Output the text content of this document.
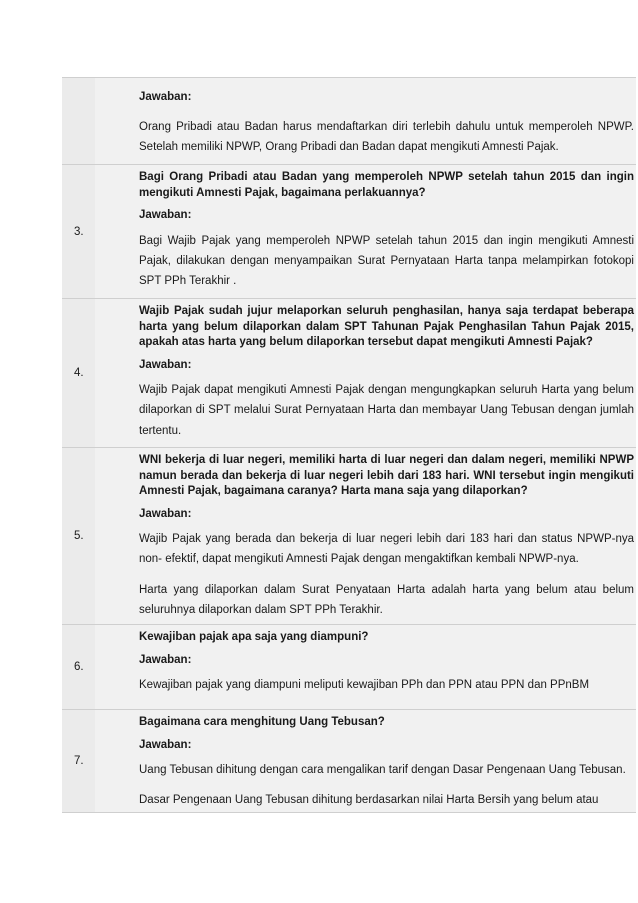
Jawaban:

Orang Pribadi atau Badan harus mendaftarkan diri terlebih dahulu untuk memperoleh NPWP. Setelah memiliki NPWP, Orang Pribadi dan Badan dapat mengikuti Amnesti Pajak.

3.

Bagi Orang Pribadi atau Badan yang memperoleh NPWP setelah tahun 2015 dan ingin mengikuti Amnesti Pajak, bagaimana perlakuannya?

Jawaban:

Bagi Wajib Pajak yang memperoleh NPWP setelah tahun 2015 dan ingin mengikuti Amnesti Pajak, dilakukan dengan menyampaikan Surat Pernyataan Harta tanpa melampirkan fotokopi SPT PPh Terakhir .

4.

Wajib Pajak sudah jujur melaporkan seluruh penghasilan, hanya saja terdapat beberapa harta yang belum dilaporkan dalam SPT Tahunan Pajak Penghasilan Tahun Pajak 2015, apakah atas harta yang belum dilaporkan tersebut dapat mengikuti Amnesti Pajak?

Jawaban:

Wajib Pajak dapat mengikuti Amnesti Pajak dengan mengungkapkan seluruh Harta yang belum dilaporkan di SPT melalui Surat Pernyataan Harta dan membayar Uang Tebusan dengan jumlah tertentu.

5.

WNI bekerja di luar negeri, memiliki harta di luar negeri dan dalam negeri, memiliki NPWP namun berada dan bekerja di luar negeri lebih dari 183 hari. WNI tersebut ingin mengikuti Amnesti Pajak, bagaimana caranya? Harta mana saja yang dilaporkan?

Jawaban:

Wajib Pajak yang berada dan bekerja di luar negeri lebih dari 183 hari dan status NPWP-nya non- efektif, dapat mengikuti Amnesti Pajak dengan mengaktifkan kembali NPWP-nya.

Harta yang dilaporkan dalam Surat Penyataan Harta adalah harta yang belum atau belum seluruhnya dilaporkan dalam SPT PPh Terakhir.

6.

Kewajiban pajak apa saja yang diampuni?

Jawaban:

Kewajiban pajak yang diampuni meliputi kewajiban PPh dan PPN atau PPN dan PPnBM

7.

Bagaimana cara menghitung Uang Tebusan?

Jawaban:

Uang Tebusan dihitung dengan cara mengalikan tarif dengan Dasar Pengenaan Uang Tebusan.

Dasar Pengenaan Uang Tebusan dihitung berdasarkan nilai Harta Bersih yang belum atau
